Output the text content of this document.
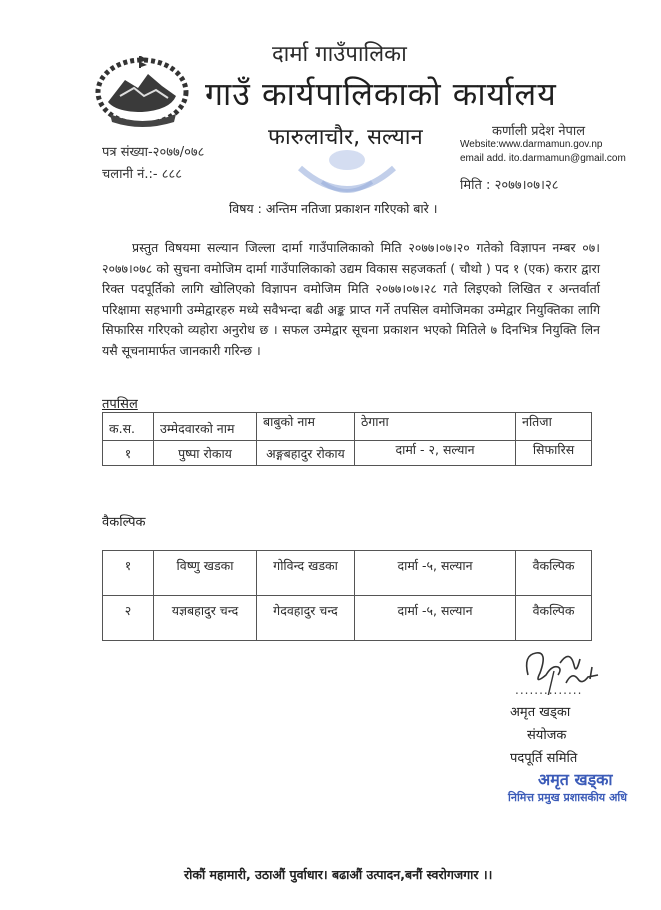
दार्मा गाउँपालिका
गाउँ कार्यपालिकाको कार्यालय
फारुलाचौर, सल्यान	कर्णाली प्रदेश नेपाल
Website:www.darmamun.gov.np
email add. ito.darmamun@gmail.com
मिति : २०७७।०७।२८
पत्र संख्या-२०७७/०७८
चलानी नं.:- ८८८
विषय : अन्तिम नतिजा प्रकाशन गरिएको बारे ।

प्रस्तुत विषयमा सल्यान जिल्ला दार्मा गाउँपालिकाको मिति २०७७।०७।२० गतेको विज्ञापन नम्बर ०७।२०७७।०७८ को सुचना वमोजिम दार्मा गाउँपालिकाको उद्यम विकास सहजकर्ता ( चौथो ) पद १ (एक) करार द्वारा रिक्त पदपूर्तिको लागि खोलिएको विज्ञापन वमोजिम मिति २०७७।०७।२८ गते लिइएको लिखित र अन्तर्वार्ता परिक्षामा सहभागी उम्मेद्वारहरु मध्ये सवैभन्दा बढी अङ्क प्राप्त गर्ने तपसिल वमोजिमका उम्मेद्वार नियुक्तिका लागि सिफारिस गरिएको व्यहोरा अनुरोध छ । सफल उम्मेद्वार सूचना प्रकाशन भएको मितिले ७ दिनभित्र नियुक्ति लिन यसै सूचनामार्फत जानकारी गरिन्छ ।

तपसिल
क.स.	उम्मेदवारको नाम	बाबुको नाम	ठेगाना	नतिजा
१	पुष्पा रोकाय	अङ्गबहादुर रोकाय	दार्मा - २, सल्यान	सिफारिस
वैकल्पिक
१	विष्णु खडका	गोविन्द खडका	दार्मा -५, सल्यान	वैकल्पिक
२	यज्ञबहादुर चन्द	गेदवहादुर चन्द	दार्मा -५, सल्यान	वैकल्पिक
..............
अमृत खड्का
संयोजक
पदपूर्ति समिति
अमृत खड्का
निमित्त प्रमुख प्रशासकीय अधि
रोकौं महामारी, उठाऔं पुर्वाधार। बढाऔं उत्पादन,बनौं स्वरोगजगार ।।
